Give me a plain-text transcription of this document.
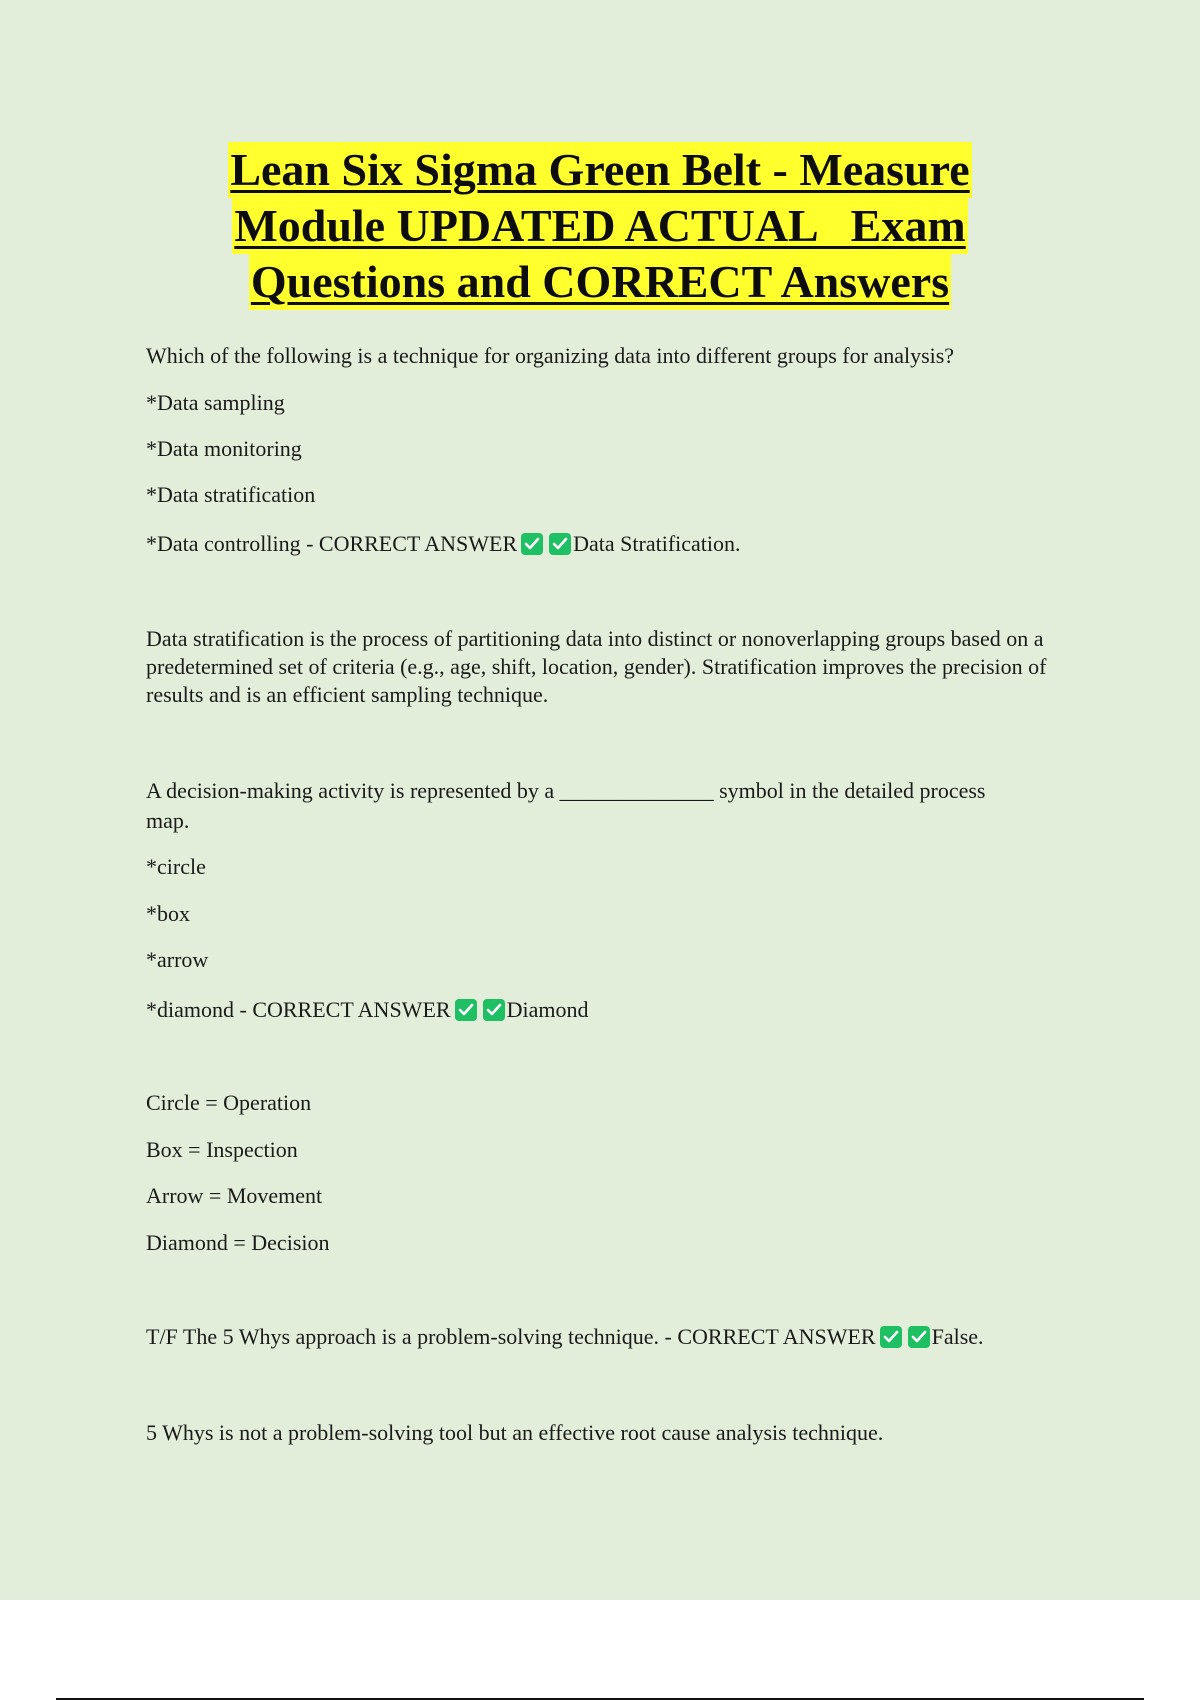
Lean Six Sigma Green Belt - Measure
Module UPDATED ACTUAL   Exam
Questions and CORRECT Answers
Which of the following is a technique for organizing data into different groups for analysis?
*Data sampling
*Data monitoring
*Data stratification
*Data controlling - CORRECT ANSWER	Data Stratification.
Data stratification is the process of partitioning data into distinct or nonoverlapping groups based on a predetermined set of criteria (e.g., age, shift, location, gender). Stratification improves the precision of results and is an efficient sampling technique.
A decision-making activity is represented by a ______________ symbol in the detailed process
map.
*circle
*box
*arrow
*diamond - CORRECT ANSWER	Diamond
Circle = Operation
Box = Inspection
Arrow = Movement
Diamond = Decision
T/F The 5 Whys approach is a problem-solving technique. - CORRECT ANSWER	False.
5 Whys is not a problem-solving tool but an effective root cause analysis technique.
